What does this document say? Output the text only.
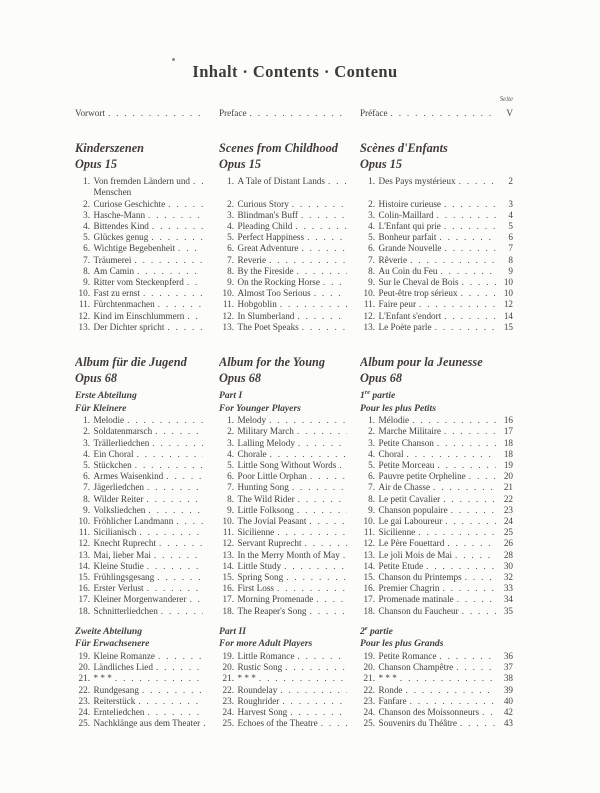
Inhalt · Contents · Contenu
Seite
Vorwort . . .	Preface . . .	Préface . . .	V
Kinderszenen
Opus 15
Scenes from Childhood
Opus 15
Scènes d'Enfants
Opus 15
1. Von fremden Ländern und . . .	1. A Tale of Distant Lands . . .	1. Des Pays mystérieux . . .	2
Menschen
2. Curiose Geschichte . . .	2. Curious Story . . .	2. Histoire curieuse . . .	3
3. Hasche-Mann . . .	3. Blindman's Buff . . .	3. Colin-Maillard . . .	4
4. Bittendes Kind . . .	4. Pleading Child . . .	4. L'Enfant qui prie . . .	5
5. Glückes genug . . .	5. Perfect Happiness . . .	5. Bonheur parfait . . .	6
6. Wichtige Begebenheit . . .	6. Great Adventure . . .	6. Grande Nouvelle . . .	7
7. Träumerei . . .	7. Reverie . . .	7. Rêverie . . .	8
8. Am Camin . . .	8. By the Fireside . . .	8. Au Coin du Feu . . .	9
9. Ritter vom Steckenpferd . . .	9. On the Rocking Horse . . .	9. Sur le Cheval de Bois . . .	10
10. Fast zu ernst . . .	10. Almost Too Serious . . .	10. Peut-être trop sérieux . . .	10
11. Fürchtenmachen . . .	11. Hobgoblin . . .	11. Faire peur . . .	12
12. Kind im Einschlummern . . .	12. In Slumberland . . .	12. L'Enfant s'endort . . .	14
13. Der Dichter spricht . . .	13. The Poet Speaks . . .	13. Le Poète parle . . .	15
Album für die Jugend
Opus 68
Album for the Young
Opus 68
Album pour la Jeunesse
Opus 68
Erste Abteilung
Für Kleinere
Part I
For Younger Players
1re partie
Pour les plus Petits
1. Melodie . . .	1. Melody . . .	1. Mélodie . . .	16
2. Soldatenmarsch . . .	2. Military March . . .	2. Marche Militaire . . .	17
3. Trällerliedchen . . .	3. Lalling Melody . . .	3. Petite Chanson . . .	18
4. Ein Choral . . .	4. Chorale . . .	4. Choral . . .	18
5. Stückchen . . .	5. Little Song Without Words . . .	5. Petite Morceau . . .	19
6. Armes Waisenkind . . .	6. Poor Little Orphan . . .	6. Pauvre petite Orpheline . . .	20
7. Jägerliedchen . . .	7. Hunting Song . . .	7. Air de Chasse . . .	21
8. Wilder Reiter . . .	8. The Wild Rider . . .	8. Le petit Cavalier . . .	22
9. Volksliedchen . . .	9. Little Folksong . . .	9. Chanson populaire . . .	23
10. Fröhlicher Landmann . . .	10. The Jovial Peasant . . .	10. Le gai Laboureur . . .	24
11. Sicilianisch . . .	11. Sicilienne . . .	11. Sicilienne . . .	25
12. Knecht Ruprecht . . .	12. Servant Ruprecht . . .	12. Le Père Fouettard . . .	26
13. Mai, lieber Mai . . .	13. In the Merry Month of May . . .	13. Le joli Mois de Mai . . .	28
14. Kleine Studie . . .	14. Little Study . . .	14. Petite Etude . . .	30
15. Frühlingsgesang . . .	15. Spring Song . . .	15. Chanson du Printemps . . .	32
16. Erster Verlust . . .	16. First Loss . . .	16. Premier Chagrin . . .	33
17. Kleiner Morgenwanderer . . .	17. Morning Promenade . . .	17. Promenade matinale . . .	34
18. Schnitterliedchen . . .	18. The Reaper's Song . . .	18. Chanson du Faucheur . . .	35
Zweite Abteilung
Für Erwachsenere
Part II
For more Adult Players
2e partie
Pour les plus Grands
19. Kleine Romanze . . .	19. Little Romance . . .	19. Petite Romance . . .	36
20. Ländliches Lied . . .	20. Rustic Song . . .	20. Chanson Champêtre . . .	37
21. * * * . . .	21. * * * . . .	21. * * * . . .	38
22. Rundgesang . . .	22. Roundelay . . .	22. Ronde . . .	39
23. Reiterstück . . .	23. Roughrider . . .	23. Fanfare . . .	40
24. Ernteliedchen . . .	24. Harvest Song . . .	24. Chanson des Moissonneurs . . .	42
25. Nachklänge aus dem Theater . . .	25. Echoes of the Theatre . . .	25. Souvenirs du Théâtre . . .	43
